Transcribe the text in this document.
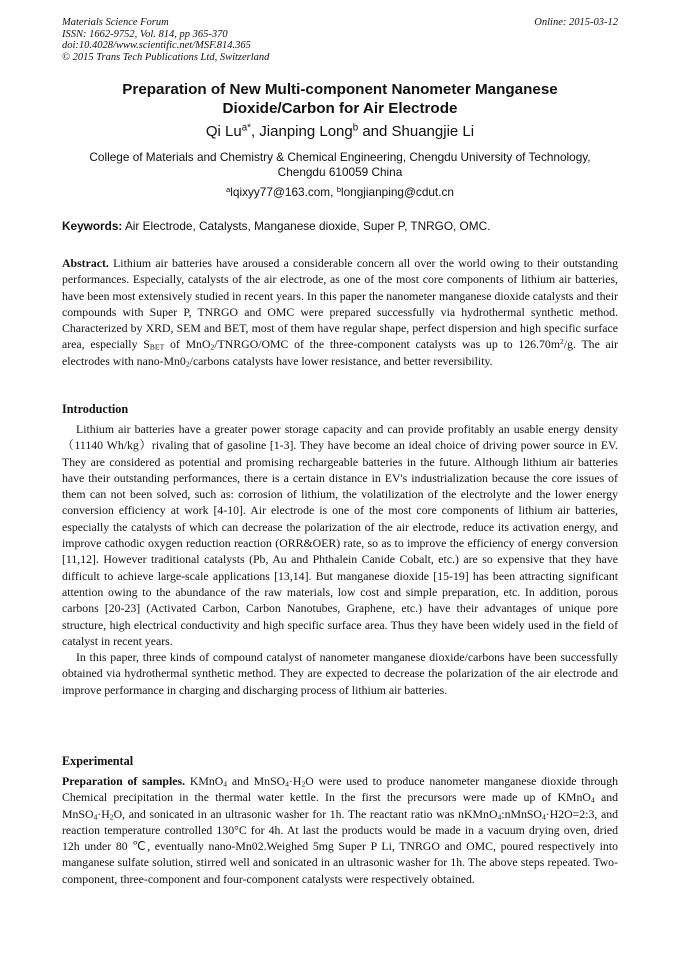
Materials Science Forum
ISSN: 1662-9752, Vol. 814, pp 365-370
doi:10.4028/www.scientific.net/MSF.814.365
© 2015 Trans Tech Publications Ltd, Switzerland
Online: 2015-03-12
Preparation of New Multi-component Nanometer Manganese
Dioxide/Carbon for Air Electrode
Qi $Lu^{a*}$, Jianping Long$^b$ and Shuangjie Li
College of Materials and Chemistry & Chemical Engineering, Chengdu University of Technology,
Chengdu 610059 China
$^a$lqixyy77@163.com, $^b$longjianping@cdut.cn
Keywords: Air Electrode, Catalysts, Manganese dioxide, Super P, TNRGO, OMC.
Abstract. Lithium air batteries have aroused a considerable concern all over the world owing to their outstanding performances. Especially, catalysts of the air electrode, as one of the most core components of lithium air batteries, have been most extensively studied in recent years. In this paper the nanometer manganese dioxide catalysts and their compounds with Super P, TNRGO and OMC were prepared successfully via hydrothermal synthetic method. Characterized by XRD, SEM and BET, most of them have regular shape, perfect dispersion and high specific surface area, especially $S_{BET}$ of MnO$_2$/TNRGO/OMC of the three-component catalysts was up to $126.70m^2/g$. The air electrodes with nano-$Mn0_2$/carbons catalysts have lower resistance, and better reversibility.
Introduction

Lithium air batteries have a greater power storage capacity and can provide profitably an usable energy density（11140 Wh/kg）rivaling that of gasoline [1-3]. They have become an ideal choice of driving power source in EV. They are considered as potential and promising rechargeable batteries in the future. Although lithium air batteries have their outstanding performances, there is a certain distance in EV's industrialization because the core issues of them can not been solved, such as: corrosion of lithium, the volatilization of the electrolyte and the lower energy conversion efficiency at work [4-10]. Air electrode is one of the most core components of lithium air batteries, especially the catalysts of which can decrease the polarization of the air electrode, reduce its activation energy, and improve cathodic oxygen reduction reaction (ORR&OER) rate, so as to improve the efficiency of energy conversion [11,12]. However traditional catalysts (Pb, Au and Phthalein Canide Cobalt, etc.) are so expensive that they have difficult to achieve large-scale applications [13,14]. But manganese dioxide [15-19] has been attracting significant attention owing to the abundance of the raw materials, low cost and simple preparation, etc. In addition, porous carbons [20-23] (Activated Carbon, Carbon Nanotubes, Graphene, etc.) have their advantages of unique pore structure, high electrical conductivity and high specific surface area. Thus they have been widely used in the field of catalyst in recent years.

In this paper, three kinds of compound catalyst of nanometer manganese dioxide/carbons have been successfully obtained via hydrothermal synthetic method. They are expected to decrease the polarization of the air electrode and improve performance in charging and discharging process of lithium air batteries.

Experimental
Preparation of samples. KMnO$_4$ and $MnSO_4\cdot H_2O$ were used to produce nanometer manganese dioxide through Chemical precipitation in the thermal water kettle. In the first the precursors were made up of KMnO$_4$ and $MnSO_4\cdot H_2O$, and sonicated in an ultrasonic washer for 1h. The reactant ratio was nKMnO$_4$:nMnSO$_4$·H2O=2:3, and reaction temperature controlled 130°C for 4h. At last the products would be made in a vacuum drying oven, dried 12h under 80 ℃, eventually nano-Mn02.Weighed 5mg Super P Li, TNRGO and OMC, poured respectively into manganese sulfate solution, stirred well and sonicated in an ultrasonic washer for 1h. The above steps repeated. Two-component, three-component and four-component catalysts were respectively obtained.
